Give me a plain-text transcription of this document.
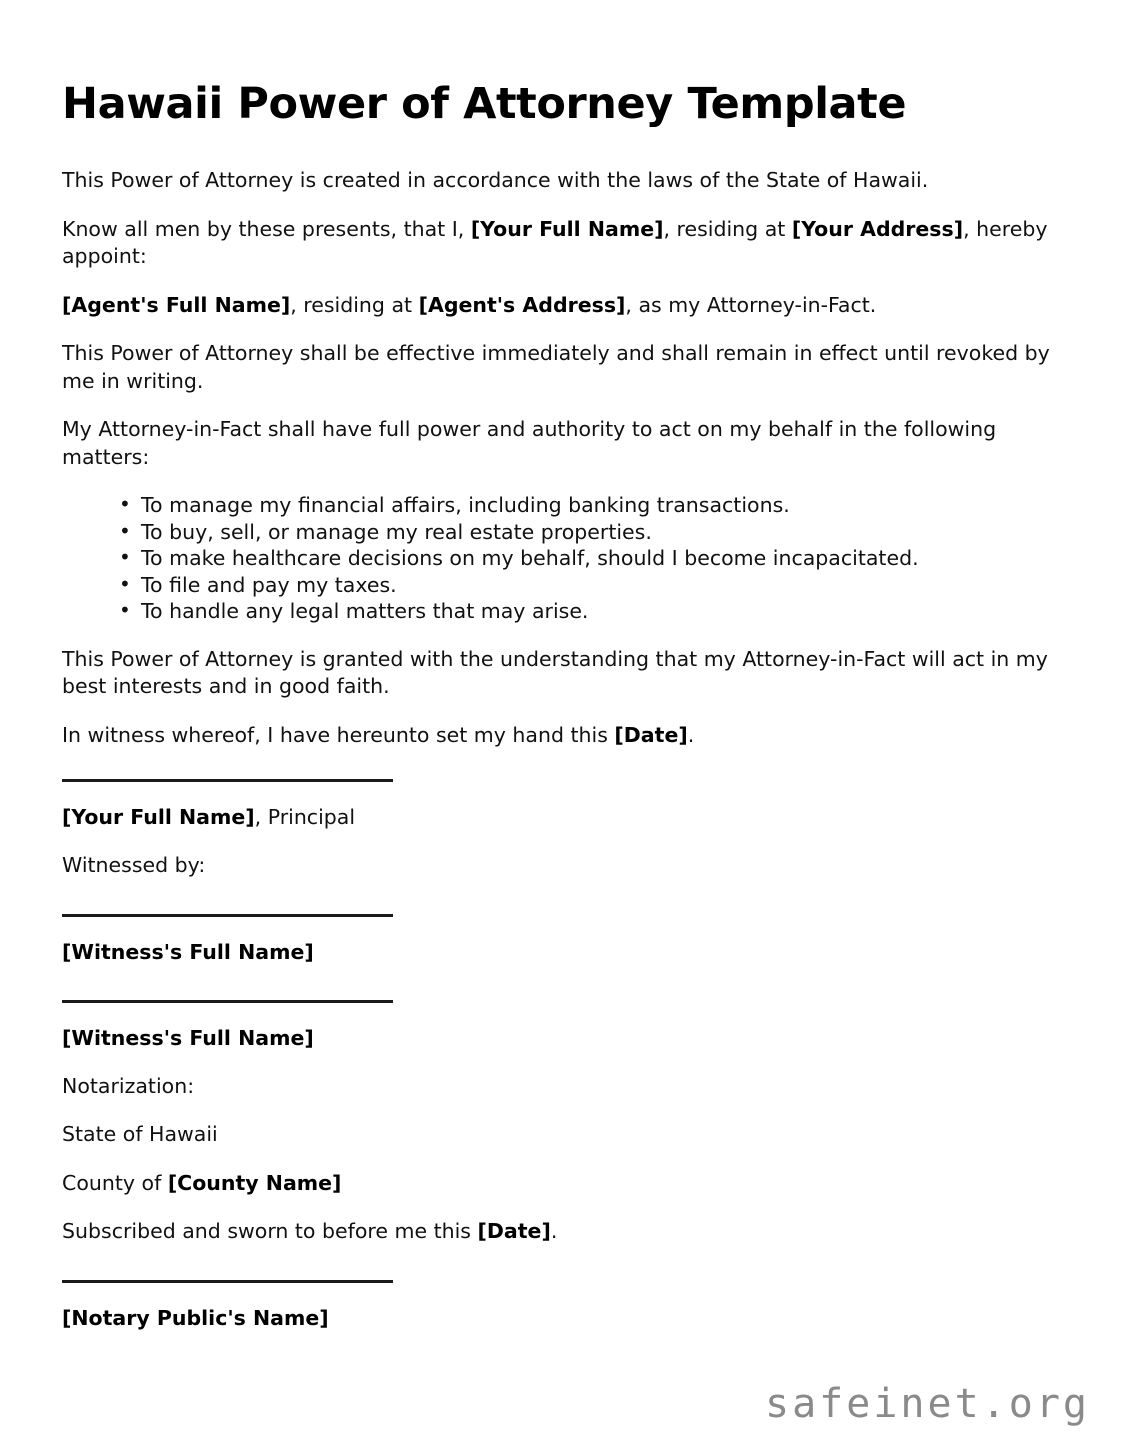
Hawaii Power of Attorney Template

This Power of Attorney is created in accordance with the laws of the State of Hawaii.

Know all men by these presents, that I, [Your Full Name], residing at [Your Address], hereby appoint:

[Agent's Full Name], residing at [Agent's Address], as my Attorney-in-Fact.

This Power of Attorney shall be effective immediately and shall remain in effect until revoked by me in writing.

My Attorney-in-Fact shall have full power and authority to act on my behalf in the following matters:

• To manage my financial affairs, including banking transactions.
• To buy, sell, or manage my real estate properties.
• To make healthcare decisions on my behalf, should I become incapacitated.
• To file and pay my taxes.
• To handle any legal matters that may arise.

This Power of Attorney is granted with the understanding that my Attorney-in-Fact will act in my best interests and in good faith.

In witness whereof, I have hereunto set my hand this [Date].

[Your Full Name], Principal

Witnessed by:

[Witness's Full Name]

[Witness's Full Name]

Notarization:

State of Hawaii

County of [County Name]

Subscribed and sworn to before me this [Date].

[Notary Public's Name]

safeinet.org
